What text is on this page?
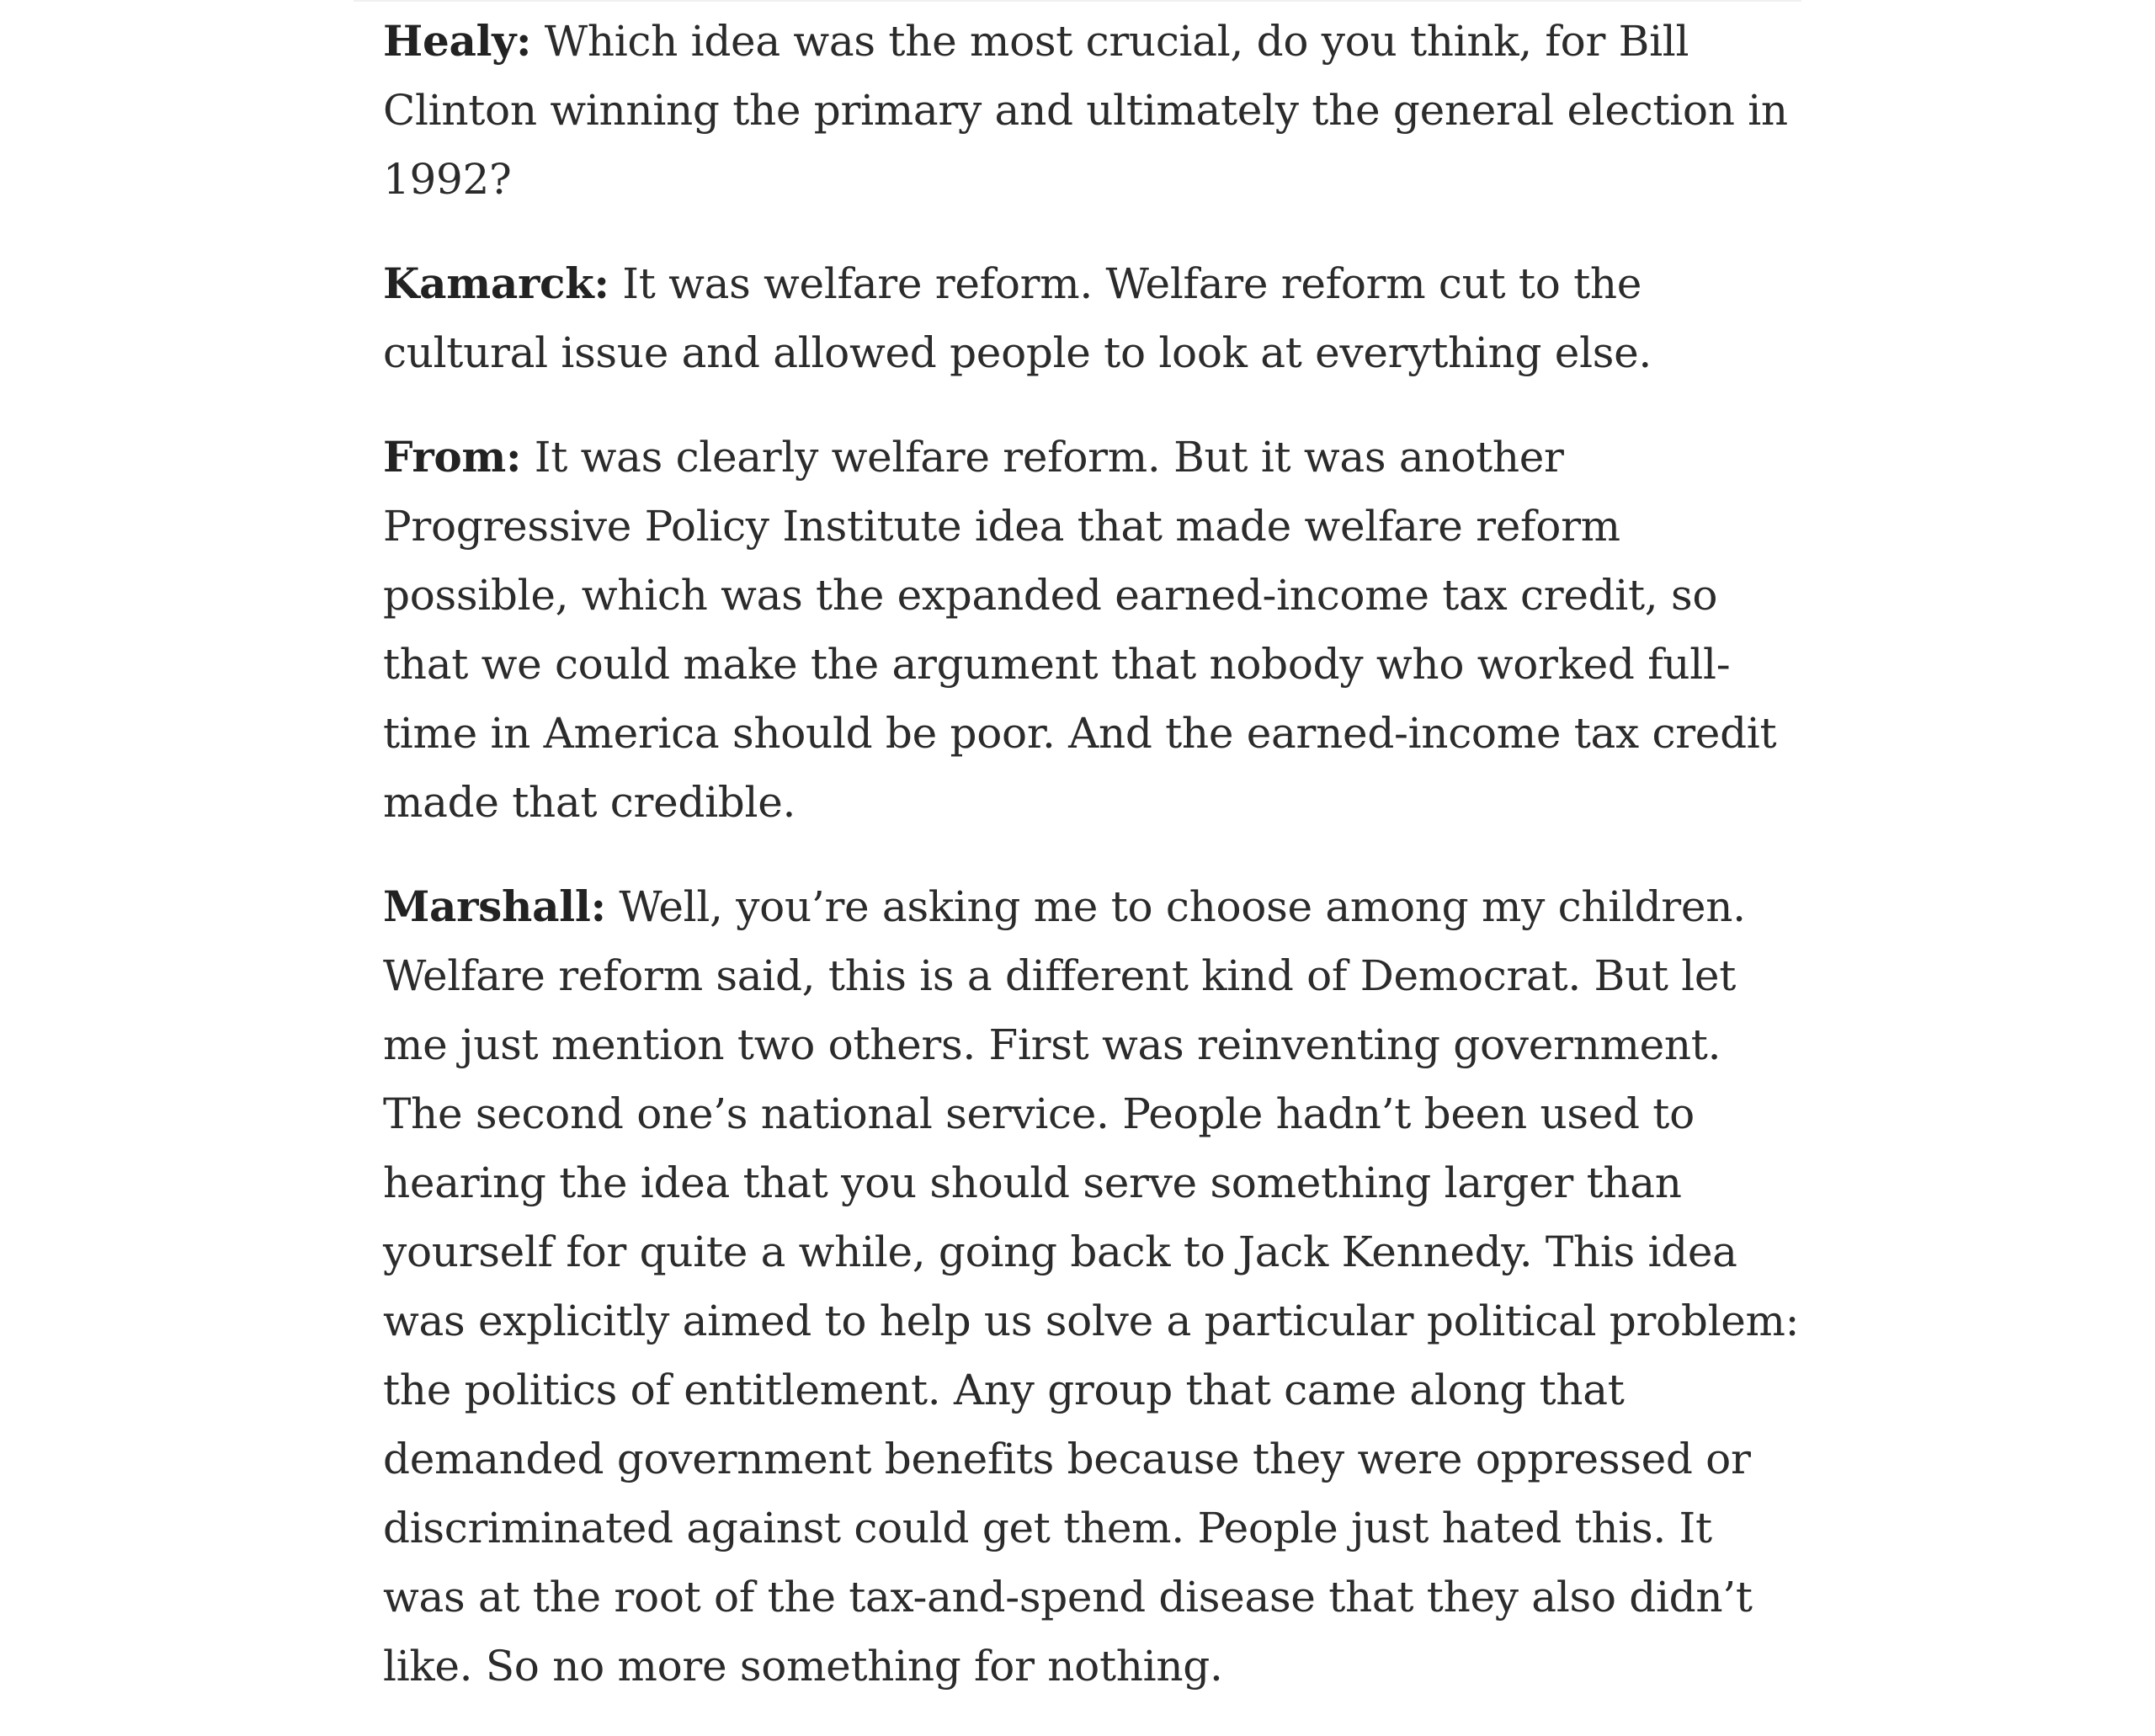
Healy: Which idea was the most crucial, do you think, for Bill Clinton winning the primary and ultimately the general election in 1992?

Kamarck: It was welfare reform. Welfare reform cut to the cultural issue and allowed people to look at everything else.

From: It was clearly welfare reform. But it was another Progressive Policy Institute idea that made welfare reform possible, which was the expanded earned-income tax credit, so that we could make the argument that nobody who worked full-time in America should be poor. And the earned-income tax credit made that credible.

Marshall: Well, you’re asking me to choose among my children. Welfare reform said, this is a different kind of Democrat. But let me just mention two others. First was reinventing government. The second one’s national service. People hadn’t been used to hearing the idea that you should serve something larger than yourself for quite a while, going back to Jack Kennedy. This idea was explicitly aimed to help us solve a particular political problem: the politics of entitlement. Any group that came along that demanded government benefits because they were oppressed or discriminated against could get them. People just hated this. It was at the root of the tax-and-spend disease that they also didn’t like. So no more something for nothing.
